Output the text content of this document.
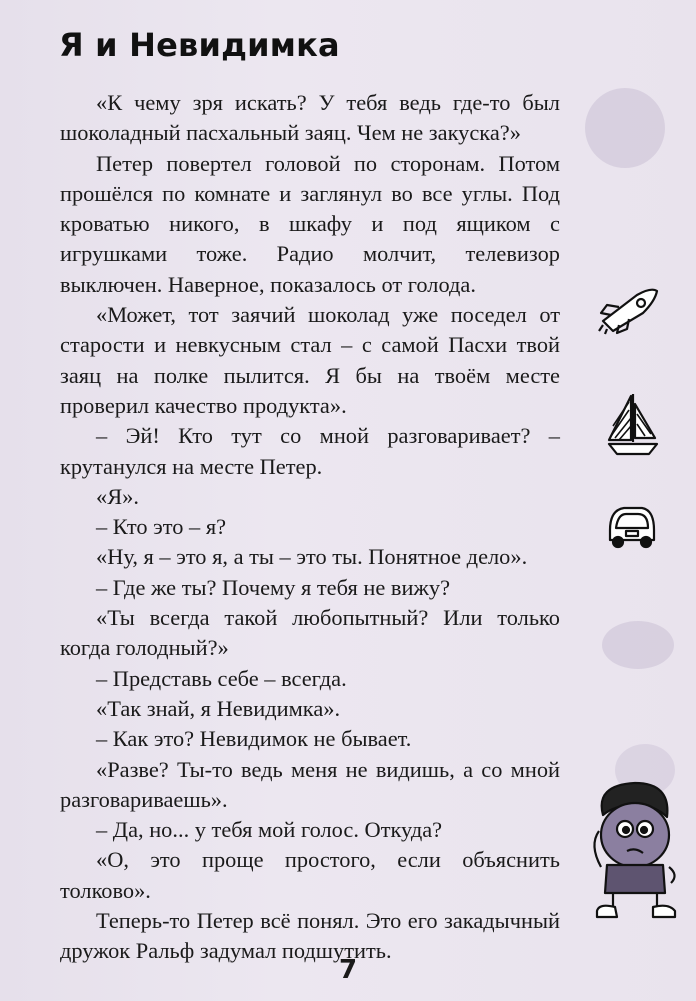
Я и Невидимка

«К чему зря искать? У тебя ведь где-то был шоколадный пасхальный заяц. Чем не закуска?»

Петер повертел головой по сторонам. Потом прошёлся по комнате и заглянул во все углы. Под кроватью никого, в шкафу и под ящиком с игрушками тоже. Радио молчит, телевизор выключен. Наверное, показалось от голода.

«Может, тот заячий шоколад уже поседел от старости и невкусным стал – с самой Пасхи твой заяц на полке пылится. Я бы на твоём месте проверил качество продукта».

– Эй! Кто тут со мной разговаривает? – крутанулся на месте Петер.

«Я».

– Кто это – я?

«Ну, я – это я, а ты – это ты. Понятное дело».

– Где же ты? Почему я тебя не вижу?

«Ты всегда такой любопытный? Или только когда голодный?»

– Представь себе – всегда.

«Так знай, я Невидимка».

– Как это? Невидимок не бывает.

«Разве? Ты-то ведь меня не видишь, а со мной разговариваешь».

– Да, но... у тебя мой голос. Откуда?

«О, это проще простого, если объяснить толково».

Теперь-то Петер всё понял. Это его закадычный дружок Ральф задумал подшутить.

7
